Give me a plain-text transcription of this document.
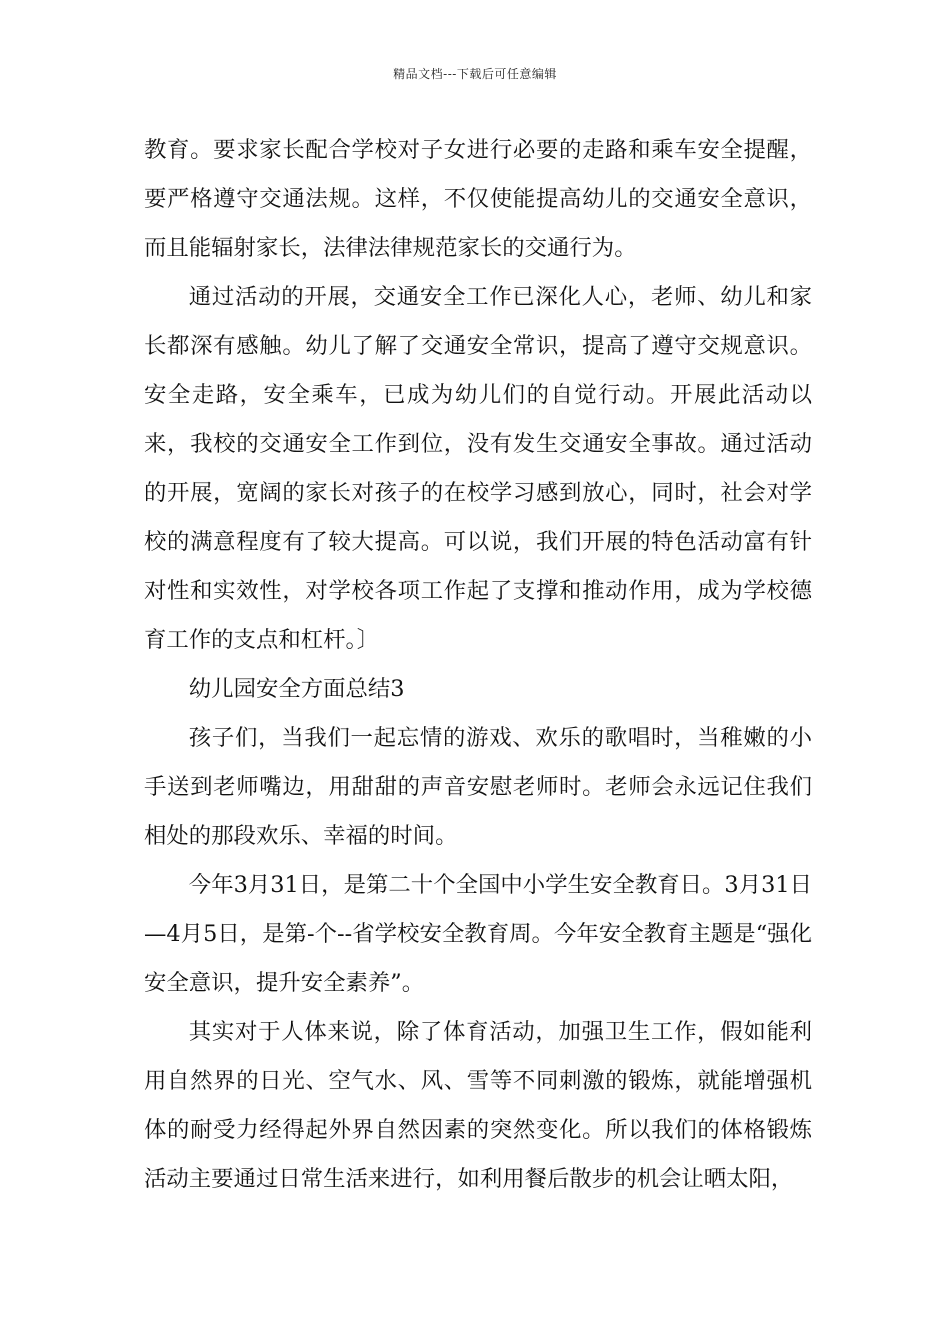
精品文档---下载后可任意编辑

教育。要求家长配合学校对子女进行必要的走路和乘车安全提醒，要严格遵守交通法规。这样，不仅使能提高幼儿的交通安全意识，而且能辐射家长，法律法律规范家长的交通行为。

通过活动的开展，交通安全工作已深化人心，老师、幼儿和家长都深有感触。幼儿了解了交通安全常识，提高了遵守交规意识。安全走路，安全乘车，已成为幼儿们的自觉行动。开展此活动以来，我校的交通安全工作到位，没有发生交通安全事故。通过活动的开展，宽阔的家长对孩子的在校学习感到放心，同时，社会对学校的满意程度有了较大提高。可以说，我们开展的特色活动富有针对性和实效性，对学校各项工作起了支撑和推动作用，成为学校德育工作的支点和杠杆。〕

幼儿园安全方面总结3

孩子们，当我们一起忘情的游戏、欢乐的歌唱时，当稚嫩的小手送到老师嘴边，用甜甜的声音安慰老师时。老师会永远记住我们相处的那段欢乐、幸福的时间。

今年3月31日，是第二十个全国中小学生安全教育日。3月31日—4月5日，是第-个--省学校安全教育周。今年安全教育主题是“强化安全意识，提升安全素养”。

其实对于人体来说，除了体育活动，加强卫生工作，假如能利用自然界的日光、空气水、风、雪等不同刺激的锻炼，就能增强机体的耐受力经得起外界自然因素的突然变化。所以我们的体格锻炼活动主要通过日常生活来进行，如利用餐后散步的机会让晒太阳，
